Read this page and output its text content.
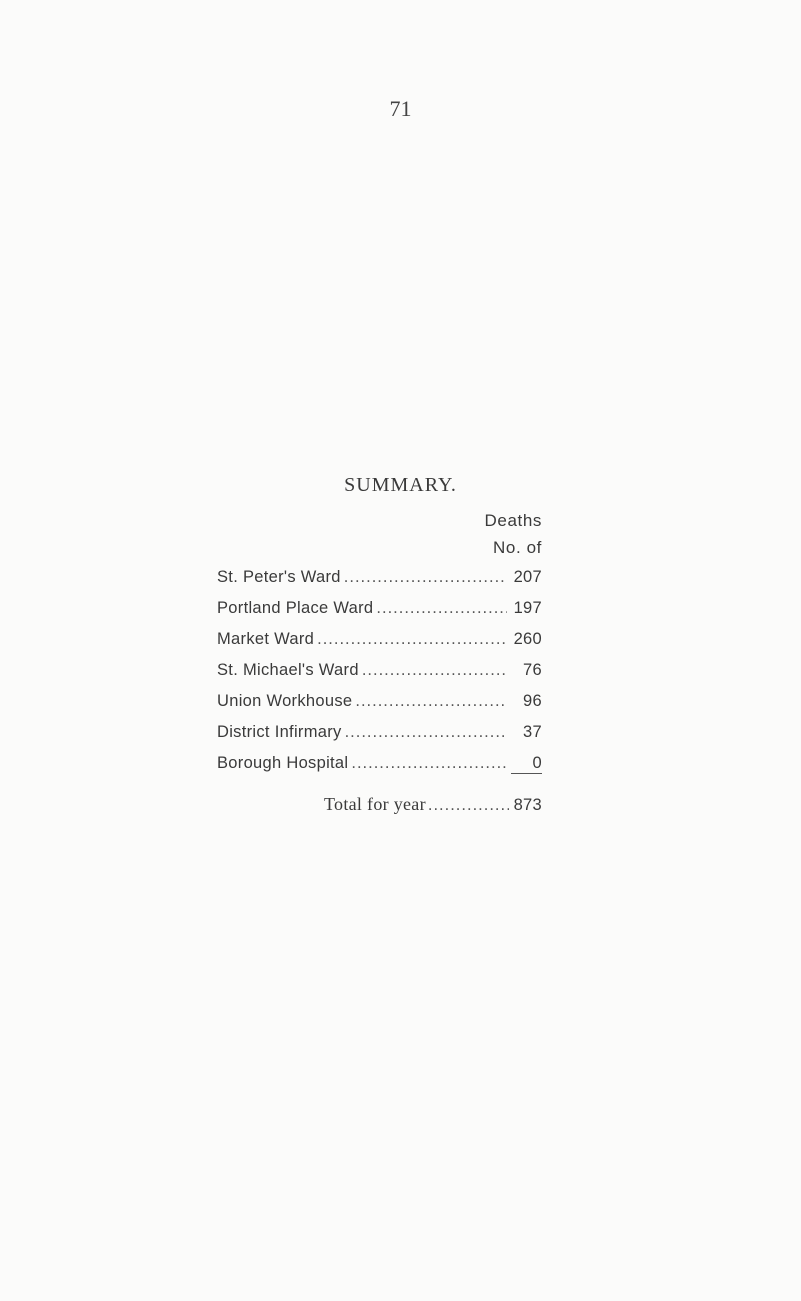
71
SUMMARY.
Deaths
No. of
St. Peter's Ward .....	207
Portland Place Ward .....	197
Market Ward .....	260
St. Michael's Ward .....	76
Union Workhouse .....	96
District Infirmary .....	37
Borough Hospital .....	0
Total for year .....	873
